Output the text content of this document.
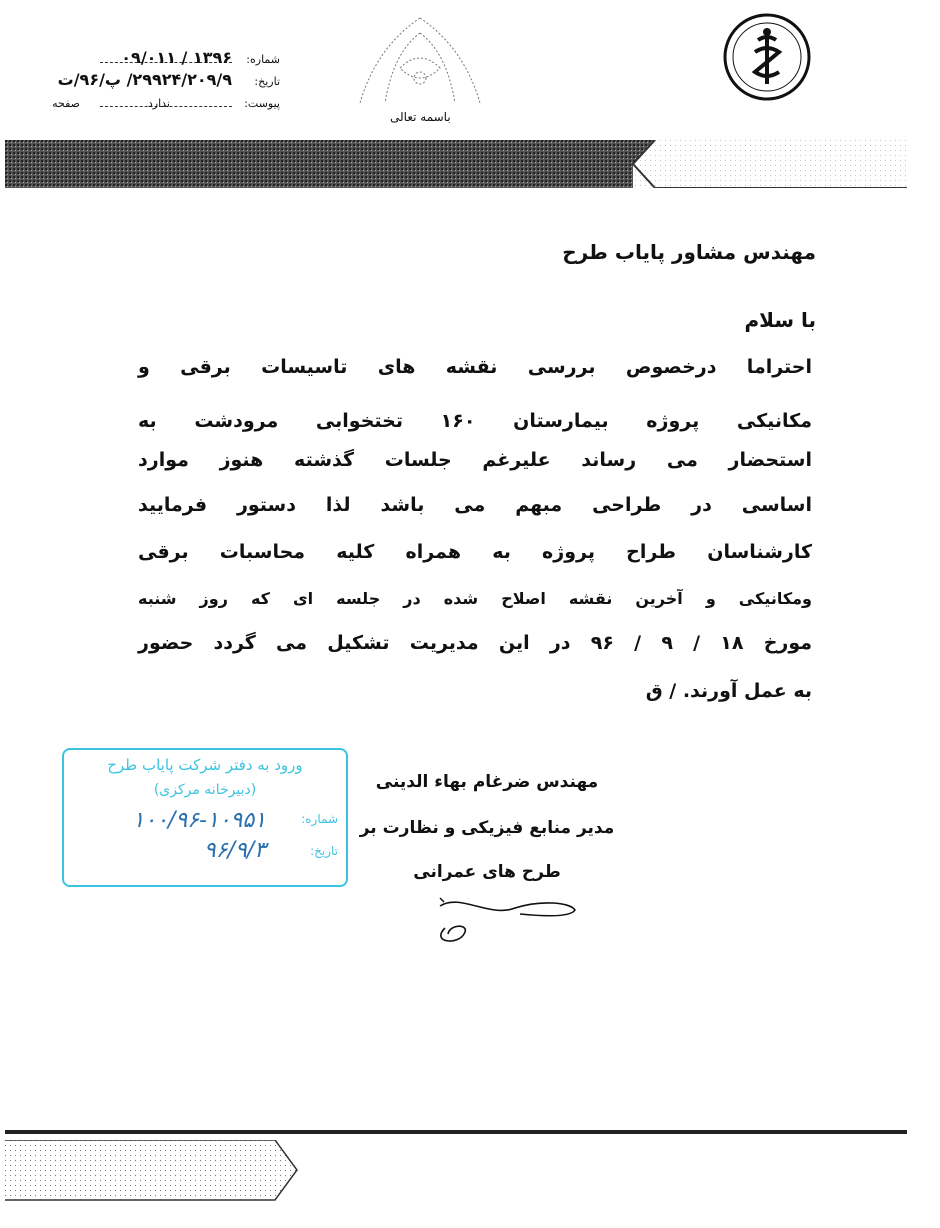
شماره:
۱۳۹۶ / ۰۹/۰۱۱
تاریخ:
۲۹۹۲۴/۲۰۹/۹/ پ/۹۶/ت
پیوست:
ندارد
صفحه
باسمه تعالی
مهندس مشاور پایاب طرح
با سلام
احتراما درخصوص بررسی نقشه های تاسیسات برقی و
مکانیکی پروژه بیمارستان ۱۶۰ تختخوابی مرودشت به
استحضار می رساند علیرغم جلسات گذشته هنوز موارد
اساسی در طراحی مبهم می باشد لذا دستور فرمایید
کارشناسان طراح پروژه به همراه کلیه محاسبات برقی
ومکانیکی و آخرین نقشه اصلاح شده در جلسه ای که روز شنبه
مورخ ۱۸ / ۹ / ۹۶ در این مدیریت تشکیل می گردد حضور
به عمل آورند. / ق
مهندس ضرغام بهاء الدینی
مدیر منابع فیزیکی و نظارت بر
طرح های عمرانی
ورود به دفتر شرکت پایاب طرح
(دبیرخانه مرکزی)
شماره:
۱۰۰/۹۶-۱۰۹۵۱
تاریخ:
۹۶/۹/۳
